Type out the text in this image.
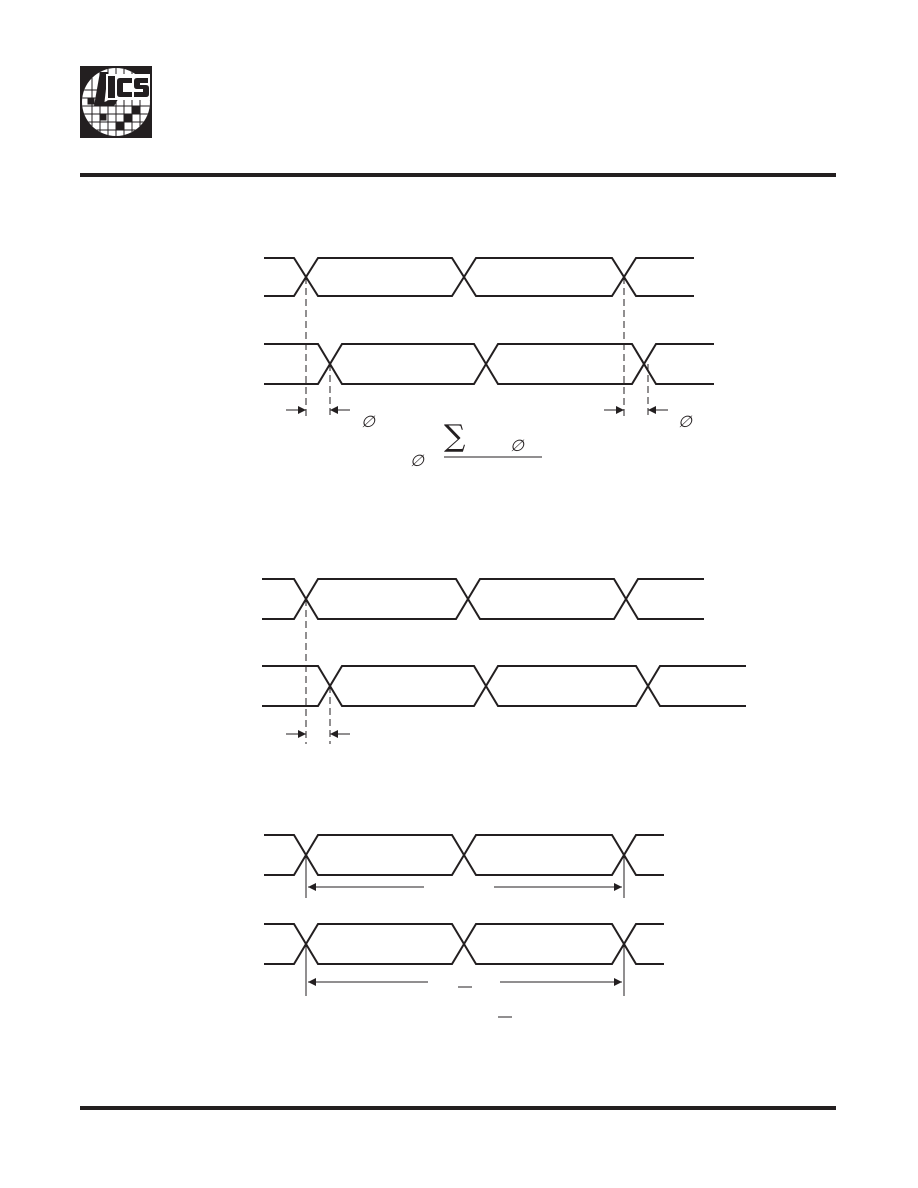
∅	∅
∅
∑	∅
